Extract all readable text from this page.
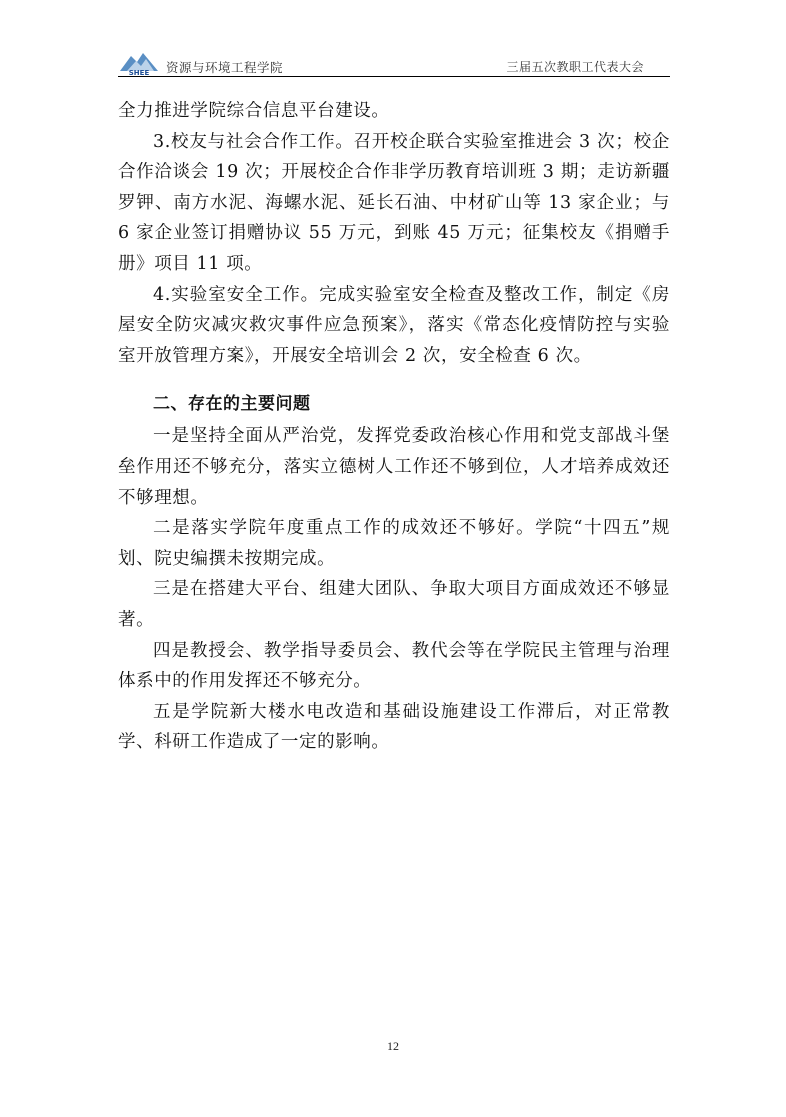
SHEE 资源与环境工程学院	三届五次教职工代表大会

全力推进学院综合信息平台建设。

3.校友与社会合作工作。召开校企联合实验室推进会 3 次；校企合作洽谈会 19 次；开展校企合作非学历教育培训班 3 期；走访新疆罗钾、南方水泥、海螺水泥、延长石油、中材矿山等 13 家企业；与6 家企业签订捐赠协议 55 万元，到账 45 万元；征集校友《捐赠手册》项目 11 项。

4.实验室安全工作。完成实验室安全检查及整改工作，制定《房屋安全防灾减灾救灾事件应急预案》，落实《常态化疫情防控与实验室开放管理方案》，开展安全培训会 2 次，安全检查 6 次。

二、存在的主要问题

一是坚持全面从严治党，发挥党委政治核心作用和党支部战斗堡垒作用还不够充分，落实立德树人工作还不够到位，人才培养成效还不够理想。

二是落实学院年度重点工作的成效还不够好。学院“十四五”规划、院史编撰未按期完成。

三是在搭建大平台、组建大团队、争取大项目方面成效还不够显著。

四是教授会、教学指导委员会、教代会等在学院民主管理与治理体系中的作用发挥还不够充分。

五是学院新大楼水电改造和基础设施建设工作滞后，对正常教学、科研工作造成了一定的影响。

12
